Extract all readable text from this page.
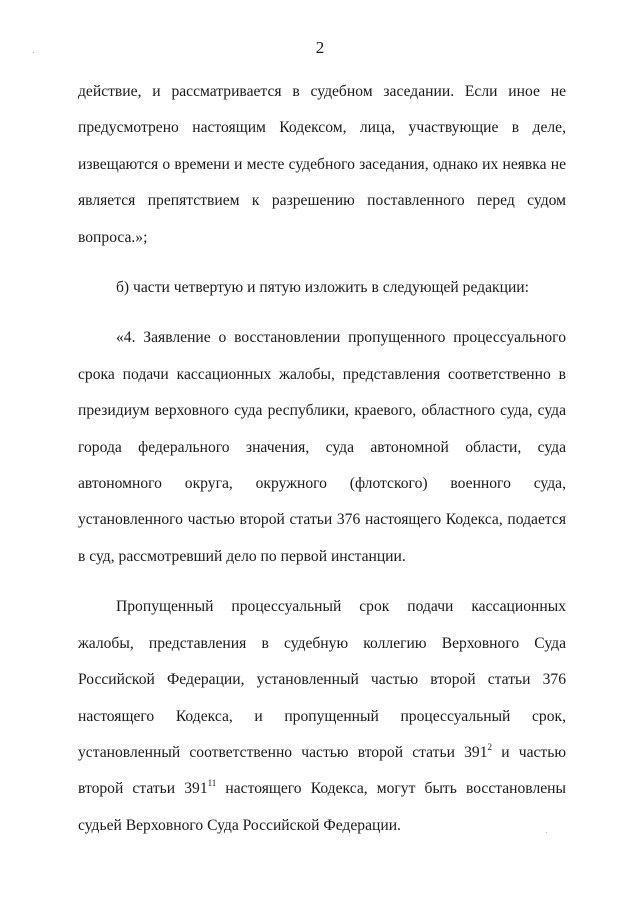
2

действие, и рассматривается в судебном заседании. Если иное не предусмотрено настоящим Кодексом, лица, участвующие в деле, извещаются о времени и месте судебного заседания, однако их неявка не является препятствием к разрешению поставленного перед судом вопроса.»;

б) части четвертую и пятую изложить в следующей редакции:

«4. Заявление о восстановлении пропущенного процессуального срока подачи кассационных жалобы, представления соответственно в президиум верховного суда республики, краевого, областного суда, суда города федерального значения, суда автономной области, суда автономного округа, окружного (флотского) военного суда, установленного частью второй статьи 376 настоящего Кодекса, подается в суд, рассмотревший дело по первой инстанции.

Пропущенный процессуальный срок подачи кассационных жалобы, представления в судебную коллегию Верховного Суда Российской Федерации, установленный частью второй статьи 376 настоящего Кодекса, и пропущенный процессуальный срок, установленный соответственно частью второй статьи $391^2$ и частью второй статьи $391^{11}$ настоящего Кодекса, могут быть восстановлены судьей Верховного Суда Российской Федерации.
